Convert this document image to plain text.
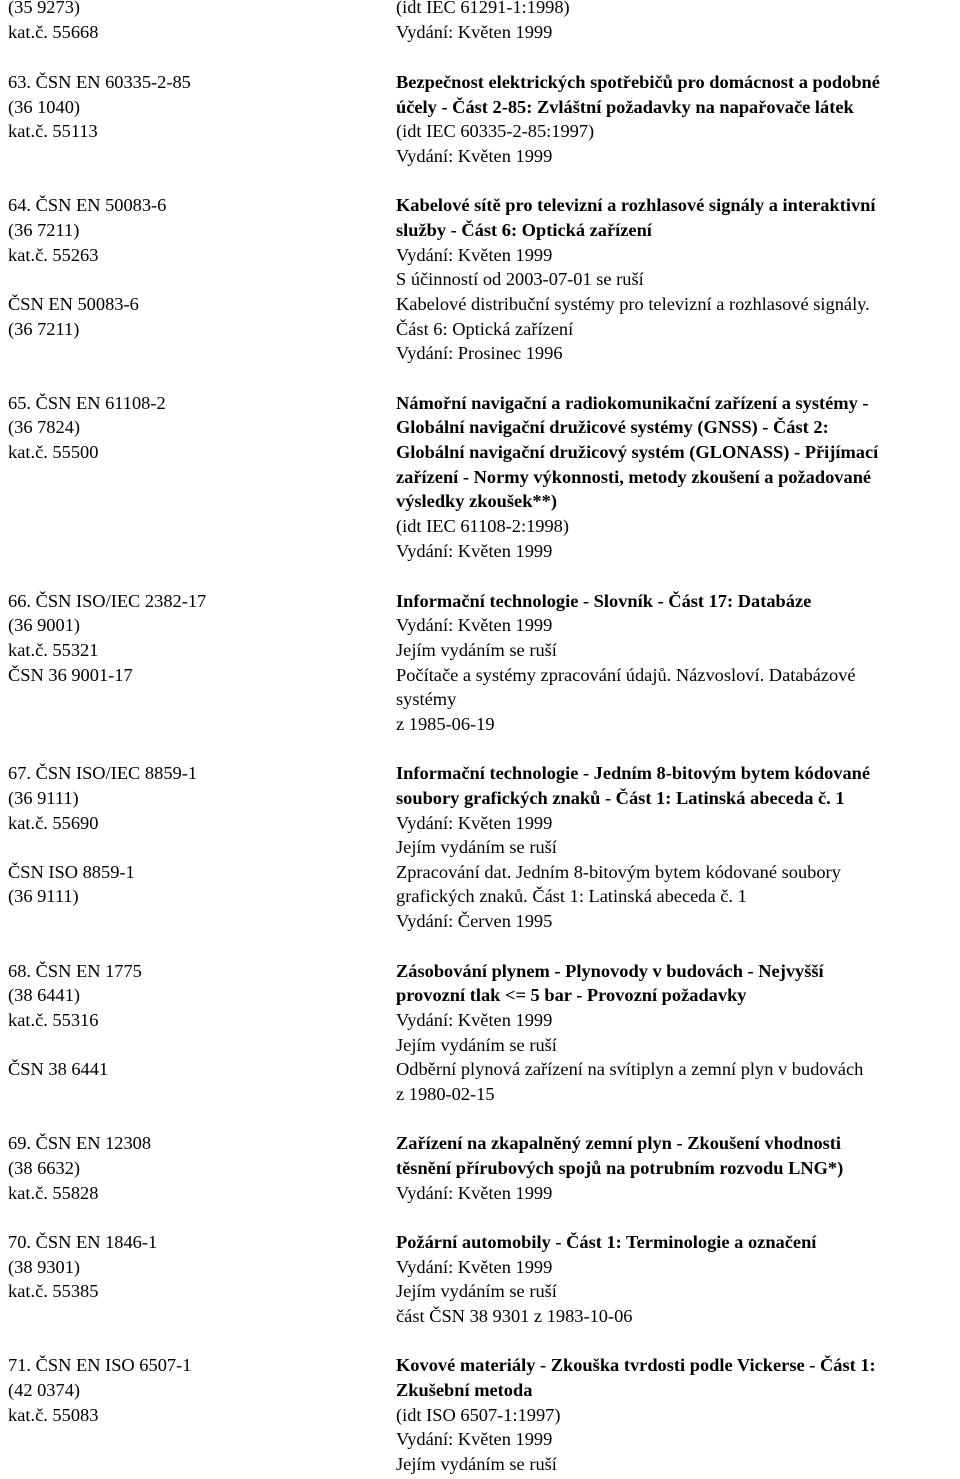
(35 9273)
kat.č. 55668
(idt IEC 61291-1:1998)
Vydání: Květen 1999
63. ČSN EN 60335-2-85
(36 1040)
kat.č. 55113
Bezpečnost elektrických spotřebičů pro domácnost a podobné
účely - Část 2-85: Zvláštní požadavky na napařovače látek
(idt IEC 60335-2-85:1997)
Vydání: Květen 1999
64. ČSN EN 50083-6
(36 7211)
kat.č. 55263
ČSN EN 50083-6
(36 7211)
Kabelové sítě pro televizní a rozhlasové signály a interaktivní
služby - Část 6: Optická zařízení
Vydání: Květen 1999
S účinností od 2003-07-01 se ruší
Kabelové distribuční systémy pro televizní a rozhlasové signály.
Část 6: Optická zařízení
Vydání: Prosinec 1996
65. ČSN EN 61108-2
(36 7824)
kat.č. 55500
Námořní navigační a radiokomunikační zařízení a systémy -
Globální navigační družicové systémy (GNSS) - Část 2:
Globální navigační družicový systém (GLONASS) - Přijímací
zařízení - Normy výkonnosti, metody zkoušení a požadované
výsledky zkoušek**)
(idt IEC 61108-2:1998)
Vydání: Květen 1999
66. ČSN ISO/IEC 2382-17
(36 9001)
kat.č. 55321
ČSN 36 9001-17
Informační technologie - Slovník - Část 17: Databáze
Vydání: Květen 1999
Jejím vydáním se ruší
Počítače a systémy zpracování údajů. Názvosloví. Databázové
systémy
z 1985-06-19
67. ČSN ISO/IEC 8859-1
(36 9111)
kat.č. 55690
ČSN ISO 8859-1
(36 9111)
Informační technologie - Jedním 8-bitovým bytem kódované
soubory grafických znaků - Část 1: Latinská abeceda č. 1
Vydání: Květen 1999
Jejím vydáním se ruší
Zpracování dat. Jedním 8-bitovým bytem kódované soubory
grafických znaků. Část 1: Latinská abeceda č. 1
Vydání: Červen 1995
68. ČSN EN 1775
(38 6441)
kat.č. 55316
ČSN 38 6441
Zásobování plynem - Plynovody v budovách - Nejvyšší
provozní tlak <= 5 bar - Provozní požadavky
Vydání: Květen 1999
Jejím vydáním se ruší
Odběrní plynová zařízení na svítiplyn a zemní plyn v budovách
z 1980-02-15
69. ČSN EN 12308
(38 6632)
kat.č. 55828
Zařízení na zkapalněný zemní plyn - Zkoušení vhodnosti
těsnění přírubových spojů na potrubním rozvodu LNG*)
Vydání: Květen 1999
70. ČSN EN 1846-1
(38 9301)
kat.č. 55385
Požární automobily - Část 1: Terminologie a označení
Vydání: Květen 1999
Jejím vydáním se ruší
část ČSN 38 9301 z 1983-10-06
71. ČSN EN ISO 6507-1
(42 0374)
kat.č. 55083
Kovové materiály - Zkouška tvrdosti podle Vickerse - Část 1:
Zkušební metoda
(idt ISO 6507-1:1997)
Vydání: Květen 1999
Jejím vydáním se ruší
